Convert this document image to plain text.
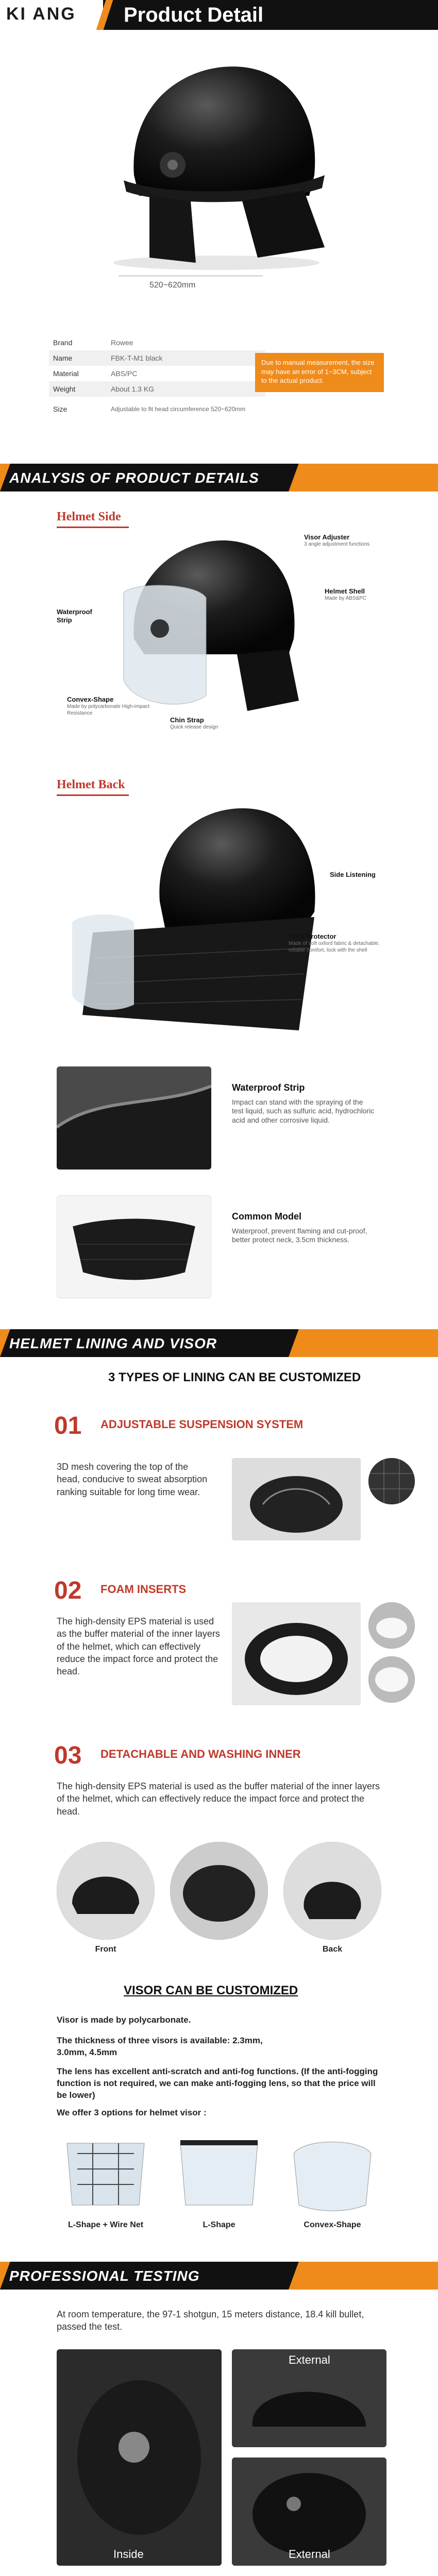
KI ANG	Product Detail
520~620mm
Brand	Rowee
Name	FBK-T-M1 black
Material	ABS/PC
Weight	About 1.3 KG
Size	Adjustable to fit head circumference 520~620mm
Due to manual measurement, the size may have an error of 1~3CM, subject to the actual product.
ANALYSIS OF PRODUCT DETAILS
Helmet Side
Visor Adjuster
3 angle adjustment functions
Helmet Shell
Made by ABS&PC
Waterproof Strip
Convex-Shape
Made by polycarbonate High-impact Resistance
Chin Strap
Quick release design
Helmet Back
Side Listening
Neck Protector
Made of soft oxford fabric & detachable, reliable comfort, lock with the shell
Waterproof Strip
Impact can stand with the spraying of the test liquid, such as sulfuric acid, hydrochloric acid and other corrosive liquid.
Common Model
Waterproof, prevent flaming and cut-proof, better protect neck, 3.5cm thickness.
HELMET LINING AND VISOR
3 TYPES OF LINING CAN BE CUSTOMIZED
01 ADJUSTABLE SUSPENSION SYSTEM
3D mesh covering the top of the head, conducive to sweat absorption ranking suitable for long time wear.
02 FOAM INSERTS
The high-density EPS material is used as the buffer material of the inner layers of the helmet, which can effectively reduce the impact force and protect the head.
03 DETACHABLE AND WASHING INNER
The high-density EPS material is used as the buffer material of the inner layers of the helmet, which can effectively reduce the impact force and protect the head.
Front	Back
VISOR CAN BE CUSTOMIZED
Visor is made by polycarbonate.
The thickness of three visors is available: 2.3mm, 3.0mm, 4.5mm
The lens has excellent anti-scratch and anti-fog functions. (If the anti-fogging function is not required, we can make anti-fogging lens, so that the price will be lower)
We offer 3 options for helmet visor :
L-Shape + Wire Net	L-Shape	Convex-Shape
PROFESSIONAL TESTING
At room temperature, the 97-1 shotgun, 15 meters distance, 18.4 kill bullet, passed the test.
Inside
External
External
